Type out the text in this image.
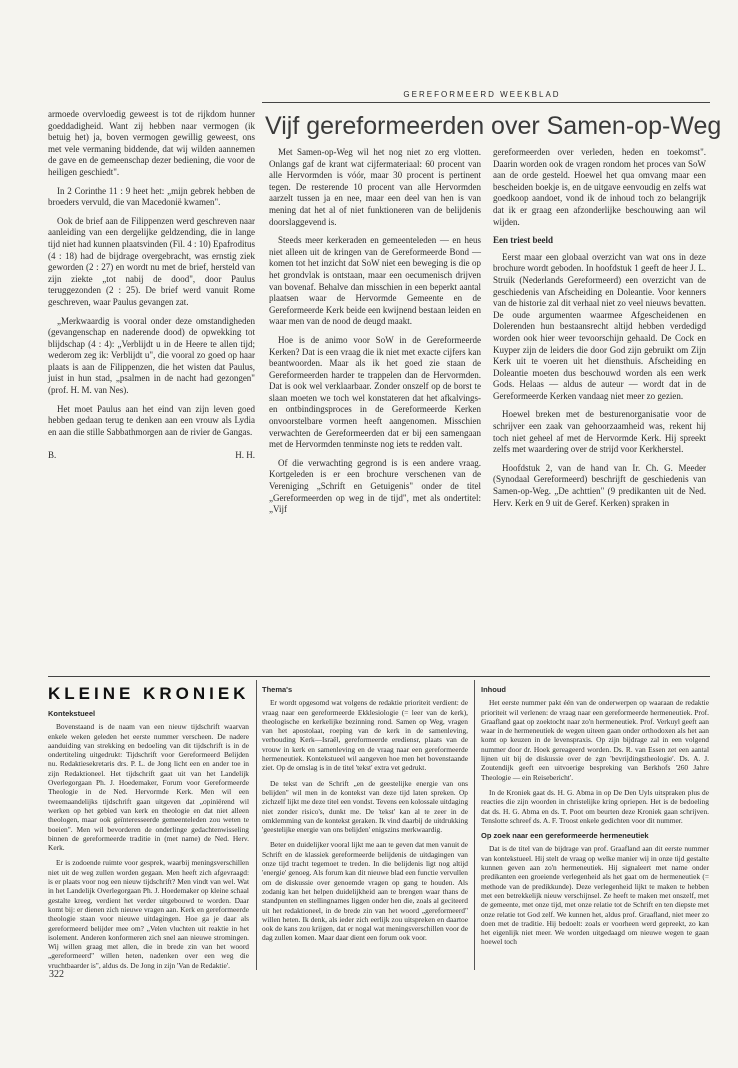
GEREFORMEERD WEEKBLAD

armoede overvloedig geweest is tot de rijkdom hunner goeddadigheid. Want zij hebben naar vermogen (ik betuig het) ja, boven vermogen gewillig geweest, ons met vele vermaning biddende, dat wij wilden aannemen de gave en de gemeenschap dezer bediening, die voor de heiligen geschiedt".

In 2 Corinthe 11 : 9 heet het: „mijn gebrek hebben de broeders vervuld, die van Macedonië kwamen".

Ook de brief aan de Filippenzen werd geschreven naar aanleiding van een dergelijke geldzending, die in lange tijd niet had kunnen plaatsvinden (Fil. 4 : 10) Epafroditus (4 : 18) had de bijdrage overgebracht, was ernstig ziek geworden (2 : 27) en wordt nu met de brief, hersteld van zijn ziekte „tot nabij de dood", door Paulus teruggezonden (2 : 25). De brief werd vanuit Rome geschreven, waar Paulus gevangen zat.

„Merkwaardig is vooral onder deze omstandigheden (gevangenschap en naderende dood) de opwekking tot blijdschap (4 : 4): „Verblijdt u in de Heere te allen tijd; wederom zeg ik: Verblijdt u", die vooral zo goed op haar plaats is aan de Filippenzen, die het wisten dat Paulus, juist in hun stad, „psalmen in de nacht had gezongen" (prof. H. M. van Nes).

Het moet Paulus aan het eind van zijn leven goed hebben gedaan terug te denken aan een vrouw als Lydia en aan die stille Sabbathmorgen aan de rivier de Gangas.

B.	H. H.
Vijf gereformeerden over Samen-op-Weg

Met Samen-op-Weg wil het nog niet zo erg vlotten. Onlangs gaf de krant wat cijfermateriaal: 60 procent van alle Hervormden is vóór, maar 30 procent is pertinent tegen. De resterende 10 procent van alle Hervormden aarzelt tussen ja en nee, maar een deel van hen is van mening dat het al of niet funktioneren van de belijdenis doorslaggevend is.

Steeds meer kerkeraden en gemeenteleden — en heus niet alleen uit de kringen van de Gereformeerde Bond — komen tot het inzicht dat SoW niet een beweging is die op het grondvlak is ontstaan, maar een oecumenisch drijven van bovenaf. Behalve dan misschien in een beperkt aantal plaatsen waar de Hervormde Gemeente en de Gereformeerde Kerk beide een kwijnend bestaan leiden en waar men van de nood de deugd maakt.

Hoe is de animo voor SoW in de Gereformeerde Kerken? Dat is een vraag die ik niet met exacte cijfers kan beantwoorden. Maar als ik het goed zie staan de Gereformeerden harder te trappelen dan de Hervormden. Dat is ook wel verklaarbaar. Zonder onszelf op de borst te slaan moeten we toch wel konstateren dat het afkalvings- en ontbindingsproces in de Gereformeerde Kerken onvoorstelbare vormen heeft aangenomen. Misschien verwachten de Gereformeerden dat er bij een samengaan met de Hervormden tenminste nog iets te redden valt.

Of die verwachting gegrond is is een andere vraag. Kortgeleden is er een brochure verschenen van de Vereniging „Schrift en Getuigenis" onder de titel „Gereformeerden op weg in de tijd", met als ondertitel: „Vijf

gereformeerden over verleden, heden en toekomst". Daarin worden ook de vragen rondom het proces van SoW aan de orde gesteld. Hoewel het qua omvang maar een bescheiden boekje is, en de uitgave eenvoudig en zelfs wat goedkoop aandoet, vond ik de inhoud toch zo belangrijk dat ik er graag een afzonderlijke beschouwing aan wil wijden.

Een triest beeld

Eerst maar een globaal overzicht van wat ons in deze brochure wordt geboden. In hoofdstuk 1 geeft de heer J. L. Struik (Nederlands Gereformeerd) een overzicht van de geschiedenis van Afscheiding en Doleantie. Voor kenners van de historie zal dit verhaal niet zo veel nieuws bevatten. De oude argumenten waarmee Afgescheidenen en Dolerenden hun bestaansrecht altijd hebben verdedigd worden ook hier weer tevoorschijn gehaald. De Cock en Kuyper zijn de leiders die door God zijn gebruikt om Zijn Kerk uit te voeren uit het diensthuis. Afscheiding en Doleantie moeten dus beschouwd worden als een werk Gods. Helaas — aldus de auteur — wordt dat in de Gereformeerde Kerken vandaag niet meer zo gezien.

Hoewel breken met de besturenorganisatie voor de schrijver een zaak van gehoorzaamheid was, rekent hij toch niet geheel af met de Hervormde Kerk. Hij spreekt zelfs met waardering over de strijd voor Kerkherstel.

Hoofdstuk 2, van de hand van Ir. Ch. G. Meeder (Synodaal Gereformeerd) beschrijft de geschiedenis van Samen-op-Weg. „De achttien" (9 predikanten uit de Ned. Herv. Kerk en 9 uit de Geref. Kerken) spraken in

KLEINE KRONIEK
Kontekstueel

Bovenstaand is de naam van een nieuw tijdschrift waarvan enkele weken geleden het eerste nummer verscheen. De nadere aanduiding van strekking en bedoeling van dit tijdschrift is in de ondertiteling uitgedrukt: Tijdschrift voor Gereformeerd Belijden nu. Redaktiesekretaris drs. P. L. de Jong licht een en ander toe in zijn Redaktioneel. Het tijdschrift gaat uit van het Landelijk Overlegorgaan Ph. J. Hoedemaker, Forum voor Gereformeerde Theologie in de Ned. Hervormde Kerk. Men wil een tweemaandelijks tijdschrift gaan uitgeven dat „opiniërend wil werken op het gebied van kerk en theologie en dat niet alleen theologen, maar ook geïnteresseerde gemeenteleden zou weten te boeien". Men wil bevorderen de onderlinge gedachtenwisseling binnen de gereformeerde traditie in (met name) de Ned. Herv. Kerk.

Er is zodoende ruimte voor gesprek, waarbij meningsverschillen niet uit de weg zullen worden gegaan. Men heeft zich afgevraagd: is er plaats voor nog een nieuw tijdschrift? Men vindt van wel. Wat in het Landelijk Overlegorgaan Ph. J. Hoedemaker op kleine schaal gestalte kreeg, verdient het verder uitgebouwd te worden. Daar komt bij: er dienen zich nieuwe vragen aan. Kerk en gereformeerde theologie staan voor nieuwe uitdagingen. Hoe ga je daar als gereformeerd belijder mee om? „Velen vluchten uit reaktie in het isolement. Anderen konformeren zich snel aan nieuwe stromingen. Wij willen graag met allen, die in brede zin van het woord „gereformeerd" willen heten, nadenken over een weg die vruchtbaarder is", aldus ds. De Jong in zijn 'Van de Redaktie'.

Thema's

Er wordt opgesomd wat volgens de redaktie prioriteit verdient: de vraag naar een gereformeerde Ekklesiologie (= leer van de kerk), theologische en kerkelijke bezinning rond. Samen op Weg, vragen van het apostolaat, roeping van de kerk in de samenleving, verhouding Kerk—Israël, gereformeerde erediensr, plaats van de vrouw in kerk en samenleving en de vraag naar een gereformeerde hermeneutiek. Kontekstueel wil aangeven hoe men het bovenstaande ziet. Op de omslag is in de titel 'tekst' extra vet gedrukt.

De tekst van de Schrift „en de geestelijke energie van ons belijden" wil men in de kontekst van deze tijd laten spreken. Op zichzelf lijkt me deze titel een vondst. Tevens een kolossale uitdaging niet zonder risico's, dunkt me. De 'tekst' kan al te zeer in de omklemming van de kontekst geraken. Ik vind daarbij de uitdrukking 'geestelijke energie van ons belijden' enigszins merkwaardig.

Beter en duidelijker vooral lijkt me aan te geven dat men vanuit de Schrift en de klassiek gereformeerde belijdenis de uitdagingen van onze tijd tracht tegemoet te treden. In die belijdenis ligt nog altijd 'energie' genoeg. Als forum kan dit nieuwe blad een functie vervullen om de diskussie over genoemde vragen op gang te houden. Als zodanig kan het helpen duidelijkheid aan te brengen waar thans de standpunten en stellingnames liggen onder hen die, zoals al geciteerd uit het redaktioneel, in de brede zin van het woord „gereformeerd" willen heten. Ik denk, als ieder zich eerlijk zou uitspreken en daartoe ook de kans zou krijgen, dat er nogal wat meningsverschillen voor de dag zullen komen. Maar daar dient een forum ook voor.

Inhoud

Het eerste nummer pakt één van de onderwerpen op waaraan de redaktie prioriteit wil verlenen: de vraag naar een gereformeerde hermeneutiek. Prof. Graafland gaat op zoektocht naar zo'n hermeneutiek. Prof. Verkuyl geeft aan waar in de hermeneutiek de wegen uiteen gaan onder orthodoxen als het aan komt op keuzen in de levenspraxis. Op zijn bijdrage zal in een volgend nummer door dr. Hoek gereageerd worden. Ds. R. van Essen zet een aantal lijnen uit bij de diskussie over de zgn 'bevrijdingstheologie'. Ds. A. J. Zoutendijk geeft een uitvoerige bespreking van Berkhofs '260 Jahre Theologie — ein Reisebericht'.

In de Kroniek gaat ds. H. G. Abma in op De Den Uyls uitspraken plus de reacties die zijn woorden in christelijke kring opriepen. Het is de bedoeling dat ds. H. G. Abma en ds. T. Poot om beurten deze Kroniek gaan schrijven. Tenslotte schreef ds. A. F. Troost enkele gedichten voor dit nummer.

Op zoek naar een gereformeerde hermeneutiek

Dat is de titel van de bijdrage van prof. Graafland aan dit eerste nummer van kontekstueel. Hij stelt de vraag op welke manier wij in onze tijd gestalte kunnen geven aan zo'n hermeneutiek. Hij signaleert met name onder predikanten een groeiende verlegenheid als het gaat om de hermeneutiek (= methode van de predikkunde). Deze verlegenheid lijkt te maken te hebben met een betrekkelijk nieuw verschijnsel. Ze heeft te maken met onszelf, met de gemeente, met onze tijd, met onze relatie tot de Schrift en ten diepste met onze relatie tot God zelf. We kunnen het, aldus prof. Graafland, niet meer zo doen met de traditie. Hij bedoelt: zoals er voorheen werd gepreekt, zo kan het eigenlijk niet meer. We worden uitgedaagd om nieuwe wegen te gaan hoewel toch

322
